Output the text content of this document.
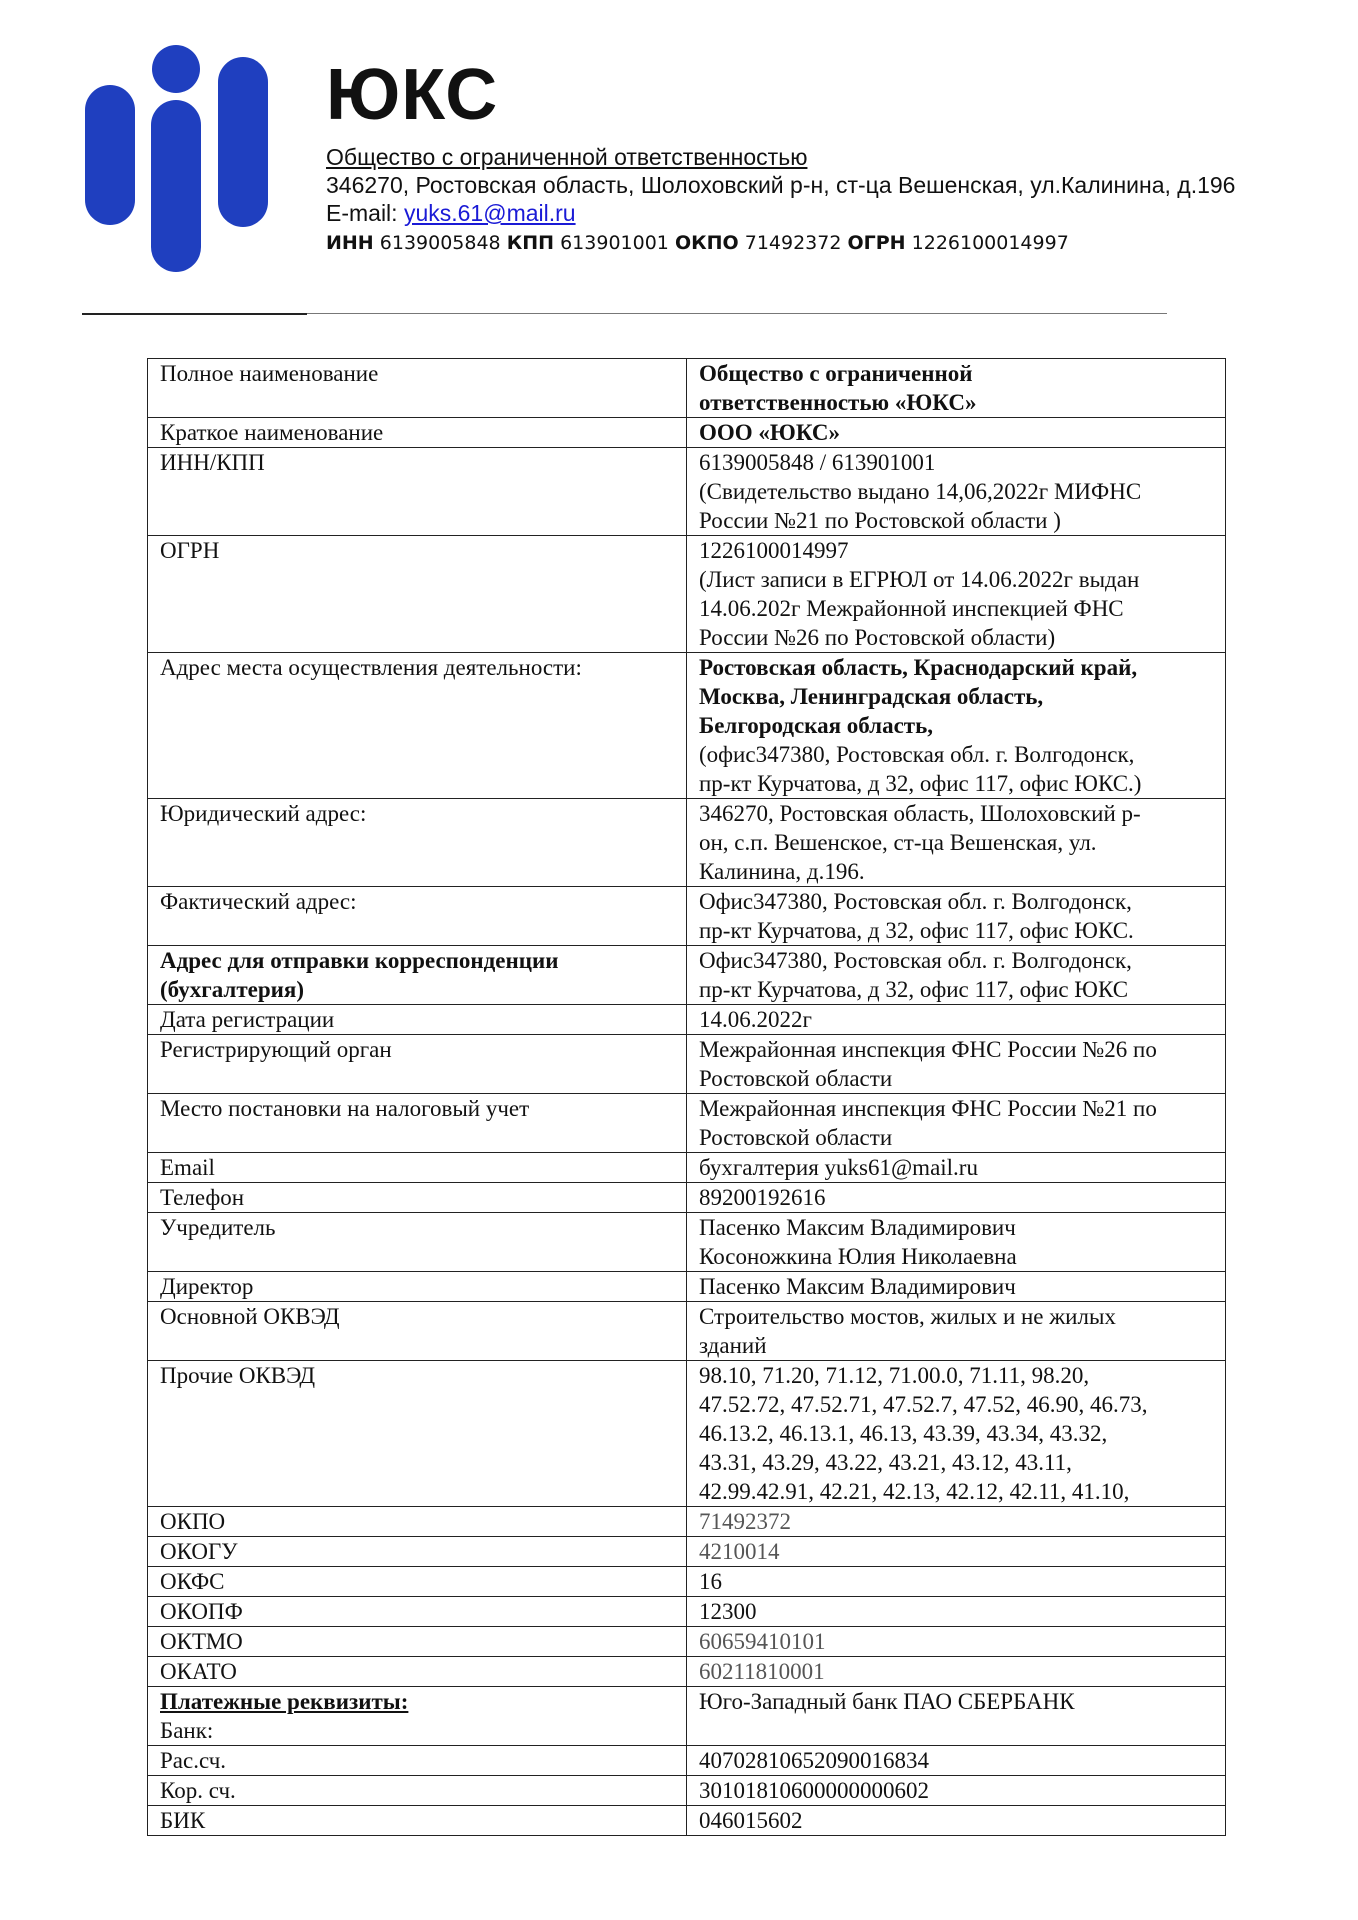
ЮКС
Общество с ограниченной ответственностью
346270, Ростовская область, Шолоховский р-н, ст-ца Вешенская, ул.Калинина, д.196
E-mail: yuks.61@mail.ru
ИНН 6139005848 КПП 613901001 ОКПО 71492372 ОГРН 1226100014997
Полное наименование	Общество с ограниченной
ответственностью «ЮКС»
Краткое наименование	ООО «ЮКС»
ИНН/КПП	6139005848 / 613901001
(Свидетельство выдано 14,06,2022г МИФНС
России №21 по Ростовской области )
ОГРН	1226100014997
(Лист записи в ЕГРЮЛ от 14.06.2022г выдан
14.06.202г Межрайонной инспекцией ФНС
России №26 по Ростовской области)
Адрес места осуществления деятельности:	Ростовская область, Краснодарский край,
Москва, Ленинградская область,
Белгородская область,
(офис347380, Ростовская обл. г. Волгодонск,
пр-кт Курчатова, д 32, офис 117, офис ЮКС.)
Юридический адрес:	346270, Ростовская область, Шолоховский р-
он, с.п. Вешенское, ст-ца Вешенская, ул.
Калинина, д.196.
Фактический адрес:	Офис347380, Ростовская обл. г. Волгодонск,
пр-кт Курчатова, д 32, офис 117, офис ЮКС.
Адрес для отправки корреспонденции
(бухгалтерия)	Офис347380, Ростовская обл. г. Волгодонск,
пр-кт Курчатова, д 32, офис 117, офис ЮКС
Дата регистрации	14.06.2022г
Регистрирующий орган	Межрайонная инспекция ФНС России №26 по
Ростовской области
Место постановки на налоговый учет	Межрайонная инспекция ФНС России №21 по
Ростовской области
Email	бухгалтерия yuks61@mail.ru
Телефон	89200192616
Учредитель	Пасенко Максим Владимирович
Косоножкина Юлия Николаевна
Директор	Пасенко Максим Владимирович
Основной ОКВЭД	Строительство мостов, жилых и не жилых
зданий
Прочие ОКВЭД	98.10, 71.20, 71.12, 71.00.0, 71.11, 98.20,
47.52.72, 47.52.71, 47.52.7, 47.52, 46.90, 46.73,
46.13.2, 46.13.1, 46.13, 43.39, 43.34, 43.32,
43.31, 43.29, 43.22, 43.21, 43.12, 43.11,
42.99.42.91, 42.21, 42.13, 42.12, 42.11, 41.10,
ОКПО	71492372
ОКОГУ	4210014
ОКФС	16
ОКОПФ	12300
ОКТМО	60659410101
ОКАТО	60211810001
Платежные реквизиты:
Банк:	Юго-Западный банк ПАО СБЕРБАНК
Рас.сч.	40702810652090016834
Кор. сч.	30101810600000000602
БИК	046015602
